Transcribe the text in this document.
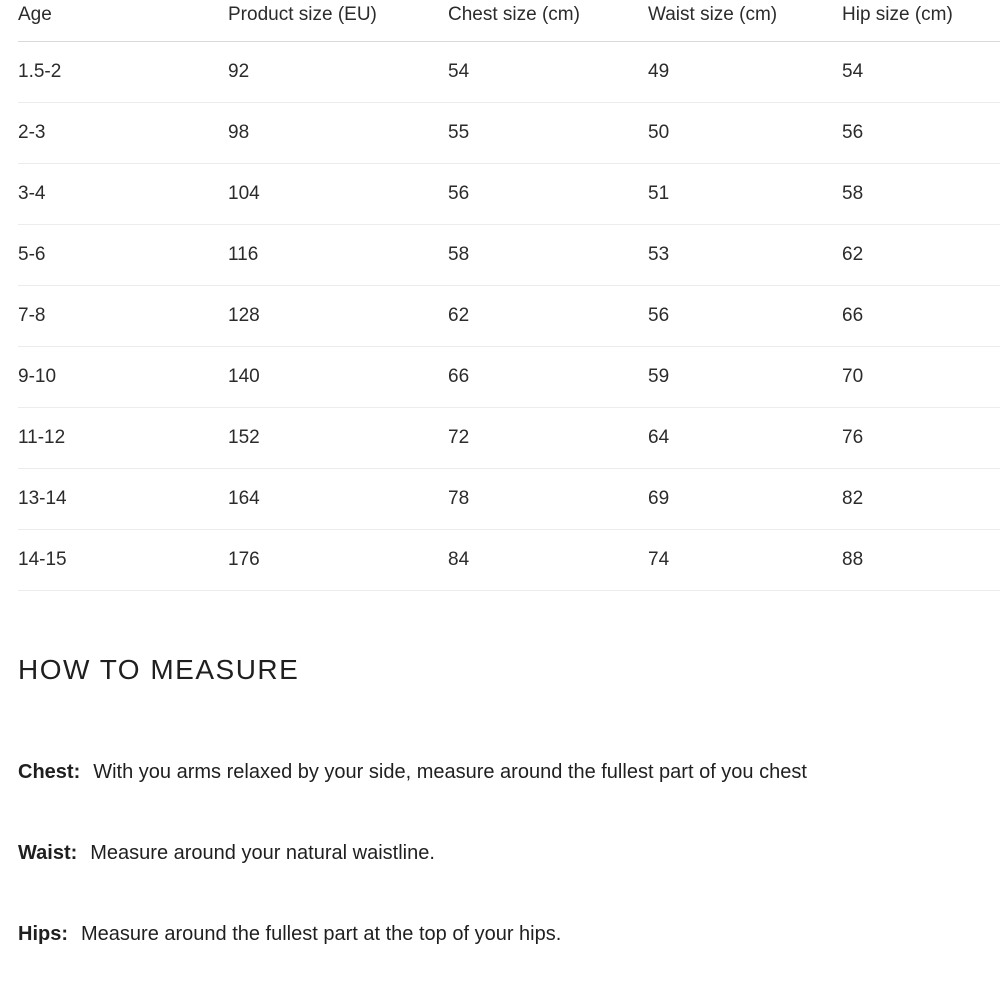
Age	Product size (EU)	Chest size (cm)	Waist size (cm)	Hip size (cm)
1.5-2	92	54	49	54
2-3	98	55	50	56
3-4	104	56	51	58
5-6	116	58	53	62
7-8	128	62	56	66
9-10	140	66	59	70
11-12	152	72	64	76
13-14	164	78	69	82
14-15	176	84	74	88
HOW TO MEASURE

Chest: With you arms relaxed by your side, measure around the fullest part of you chest

Waist: Measure around your natural waistline.

Hips: Measure around the fullest part at the top of your hips.
